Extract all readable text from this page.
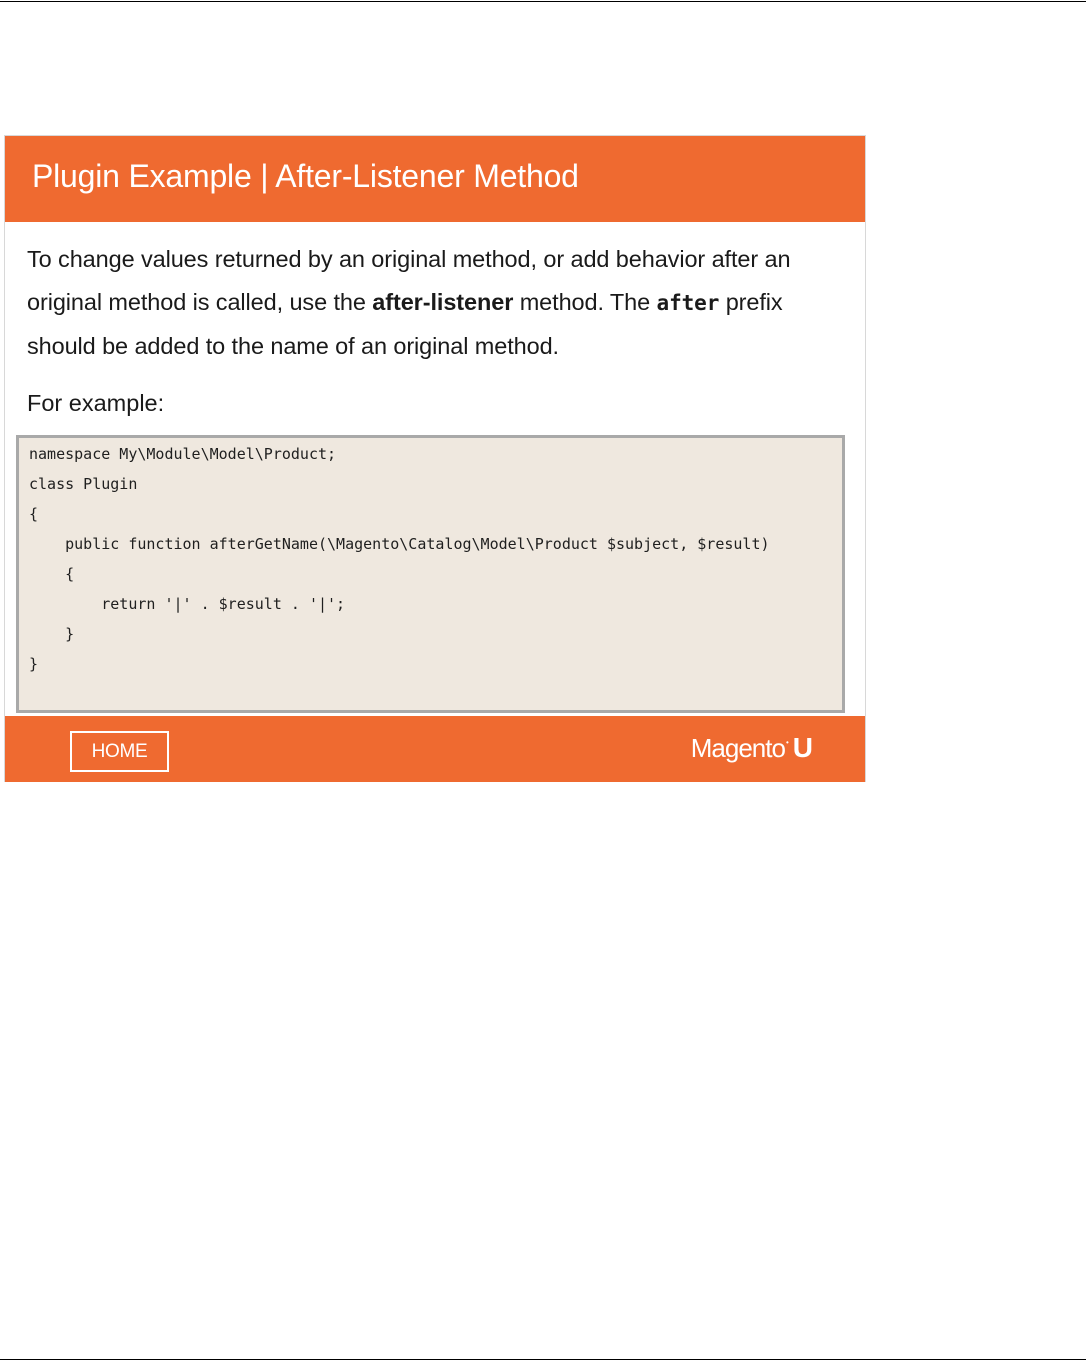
Plugin Example | After-Listener Method

To change values returned by an original method, or add behavior after an original method is called, use the after-listener method. The after prefix should be added to the name of an original method.

For example:

namespace My\Module\Model\Product;
class Plugin
{
public function afterGetName(\Magento\Catalog\Model\Product $subject, $result)
{
return '|' . $result . '|';
}
}
HOME	Magento• U
